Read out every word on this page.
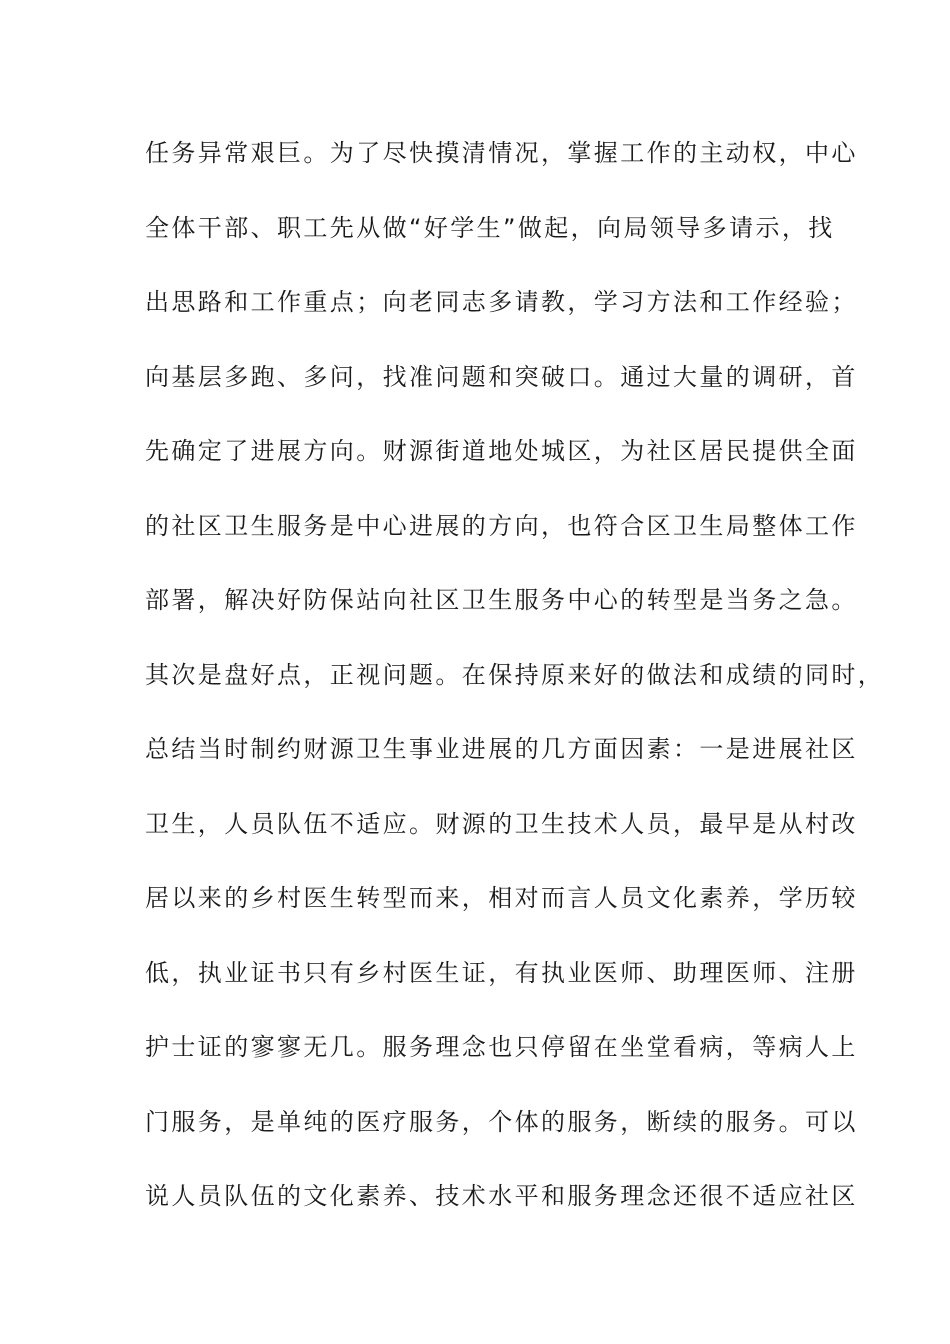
任务异常艰巨。为了尽快摸清情况，掌握工作的主动权，中心
全体干部、职工先从做“好学生”做起，向局领导多请示，找
出思路和工作重点；向老同志多请教，学习方法和工作经验；
向基层多跑、多问，找准问题和突破口。通过大量的调研，首
先确定了进展方向。财源街道地处城区，为社区居民提供全面
的社区卫生服务是中心进展的方向，也符合区卫生局整体工作
部署，解决好防保站向社区卫生服务中心的转型是当务之急。
其次是盘好点，正视问题。在保持原来好的做法和成绩的同时，
总结当时制约财源卫生事业进展的几方面因素：一是进展社区
卫生，人员队伍不适应。财源的卫生技术人员，最早是从村改
居以来的乡村医生转型而来，相对而言人员文化素养，学历较
低，执业证书只有乡村医生证，有执业医师、助理医师、注册
护士证的寥寥无几。服务理念也只停留在坐堂看病，等病人上
门服务，是单纯的医疗服务，个体的服务，断续的服务。可以
说人员队伍的文化素养、技术水平和服务理念还很不适应社区
